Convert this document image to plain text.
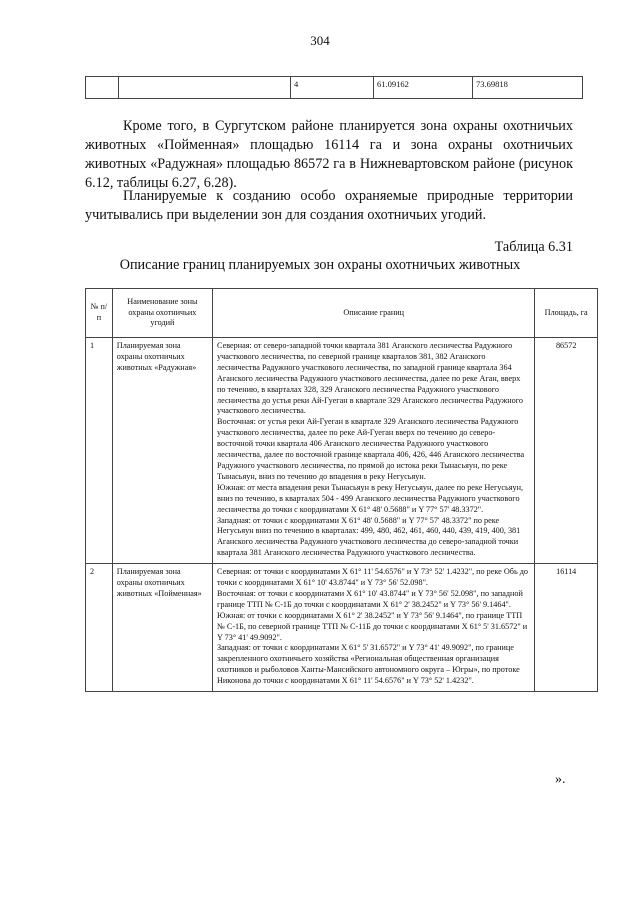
304
		4	61.09162	73.69818

Кроме того, в Сургутском районе планируется зона охраны охотничьих животных «Пойменная» площадью 16114 га и зона охраны охотничьих животных «Радужная» площадью 86572 га в Нижневартовском районе (рисунок 6.12, таблицы 6.27, 6.28).

Планируемые к созданию особо охраняемые природные территории учитывались при выделении зон для создания охотничьих угодий.

Таблица 6.31
Описание границ планируемых зон охраны охотничьих животных
№ п/п	Наименование зоны охраны охотничьих угодий	Описание границ	Площадь, га
1	Планируемая зона охраны охотничьих животных «Радужная»	Северная: от северо-западной точки квартала 381 Аганского лесничества Радужного участкового лесничества, по северной границе кварталов 381, 382 Аганского лесничества Радужного участкового лесничества, по западной границе квартала 364 Аганского лесничества Радужного участкового лесничества, далее по реке Аган, вверх по течению, в кварталах 328, 329 Аганского лесничества Радужного участкового лесничества до устья реки Ай-Гуеган в квартале 329 Аганского лесничества Радужного участкового лесничества.

Восточная: от устья реки Ай-Гуеган в квартале 329 Аганского лесничества Радужного участкового лесничества, далее по реке Ай-Гуеган вверх по течению до северо-восточной точки квартала 406 Аганского лесничества Радужного участкового лесничества, далее по восточной границе квартала 406, 426, 446 Аганского лесничества Радужного участкового лесничества, по прямой до истока реки Тынасьяун, по реке Тынасьяун, вниз по течению до впадения в реку Негусьяун.

Южная: от места впадения реки Тынасьяун в реку Негусьяун, далее по реке Негусьяун, вниз по течению, в кварталах 504 - 499 Аганского лесничества Радужного участкового лесничества до точки с координатами X 61° 48' 0.5688" и Y 77° 57' 48.3372".

Западная: от точки с координатами X 61° 48' 0.5688" и Y 77° 57' 48.3372" по реке Негусьяун вниз по течению в кварталах: 499, 480, 462, 461, 460, 440, 439, 419, 400, 381 Аганского лесничества Радужного участкового лесничества до северо-западной точки квартала 381 Аганского лесничества Радужного участкового лесничества.	86572
2	Планируемая зона охраны охотничьих животных «Пойменная»	Северная: от точки с координатами X 61° 11' 54.6576" и Y 73° 52' 1.4232", по реке Обь до точки с координатами X 61° 10' 43.8744" и Y 73° 56' 52.098".

Восточная: от точки с координатами X 61° 10' 43.8744" и Y 73° 56' 52.098", по западной границе ТТП № С-1Б до точки с координатами X 61° 2' 38.2452" и Y 73° 56' 9.1464".

Южная: от точки с координатами X 61° 2' 38.2452" и Y 73° 56' 9.1464", по границе ТТП № С-1Б, по северной границе ТТП № С-11Б до точки с координатами X 61° 5' 31.6572" и Y 73° 41' 49.9092".

Западная: от точки с координатами X 61° 5' 31.6572" и Y 73° 41' 49.9092", по границе закрепленного охотничьего хозяйства «Региональная общественная организация охотников и рыболовов Ханты-Мансийского автономного округа – Югры», по протоке Никонова до точки с координатами X 61° 11' 54.6576" и Y 73° 52' 1.4232".	16114
».
